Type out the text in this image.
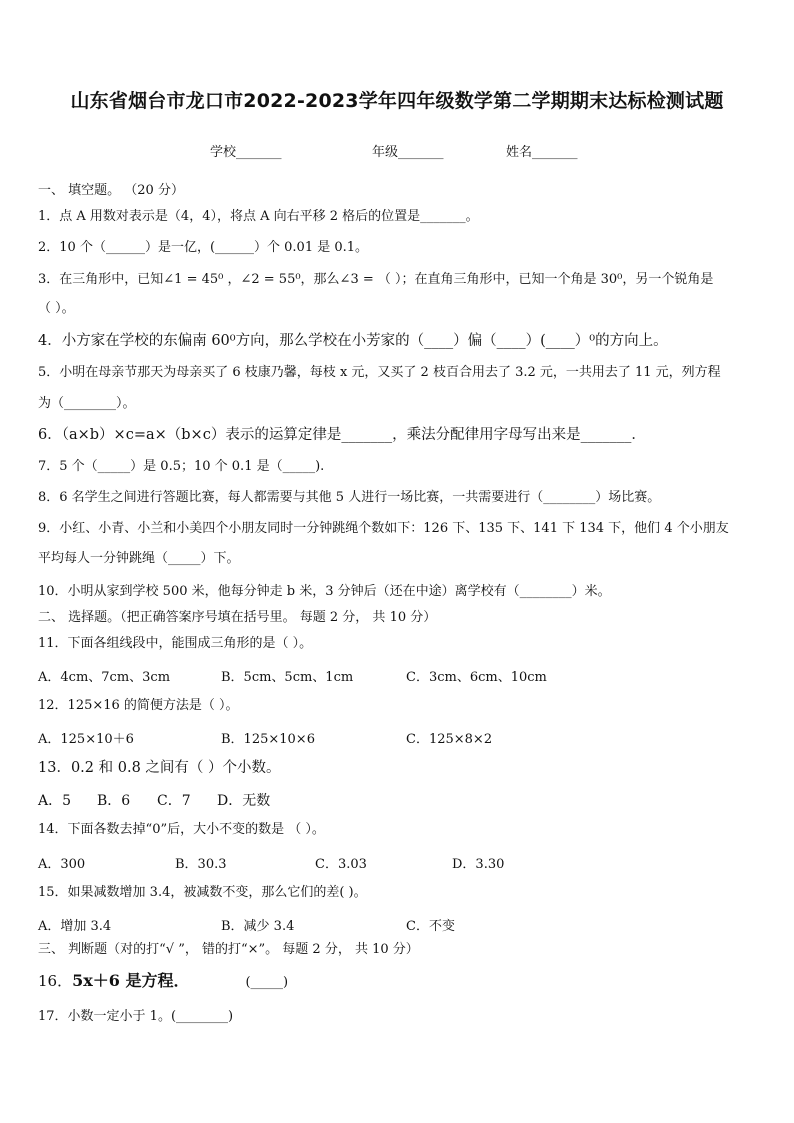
山东省烟台市龙口市2022-2023学年四年级数学第二学期期末达标检测试题
学校_______	年级_______	姓名_______
一、 填空题。 （20 分）
1．点 A 用数对表示是（4，4），将点 A 向右平移 2 格后的位置是_______。
2．10 个（______）是一亿，(______）个 0.01 是 0.1。
3．在三角形中，已知∠1 = 45⁰ ，∠2 = 55⁰，那么∠3 = （ ）；在直角三角形中，已知一个角是 30⁰，另一个锐角是
（ ）。
4．小方家在学校的东偏南 60⁰方向，那么学校在小芳家的（____）偏（____）(____）⁰的方向上。
5．小明在母亲节那天为母亲买了 6 枝康乃馨，每枝 x 元，又买了 2 枝百合用去了 3.2 元，一共用去了 11 元，列方程
为（________）。
6．（a×b）×c=a×（b×c）表示的运算定律是_______，乘法分配律用字母写出来是_______．
7．5 个（_____）是 0.5；10 个 0.1 是（_____).
8．6 名学生之间进行答题比赛，每人都需要与其他 5 人进行一场比赛，一共需要进行（________）场比赛。
9．小红、小青、小兰和小美四个小朋友同时一分钟跳绳个数如下：126 下、135 下、141 下 134 下，他们 4 个小朋友
平均每人一分钟跳绳（_____）下。
10．小明从家到学校 500 米，他每分钟走 b 米，3 分钟后（还在中途）离学校有（________）米。
二、 选择题。（把正确答案序号填在括号里。 每题 2 分， 共 10 分）
11．下面各组线段中，能围成三角形的是（ ）。
A．4cm、7cm、3cm	B．5cm、5cm、1cm	C．3cm、6cm、10cm
12．125×16 的简便方法是（ ）。
A．125×10＋6	B．125×10×6	C．125×8×2
13．0.2 和 0.8 之间有（ ）个小数。
A．5 B．6 C．7 D．无数
14．下面各数去掉“0”后，大小不变的数是 （ ）。
A．300	B．30.3	C．3.03	D．3.30
15．如果减数增加 3.4，被减数不变，那么它们的差( )。
A．增加 3.4	B．减少 3.4	C．不变
三、 判断题（对的打“√ ”， 错的打“×”。 每题 2 分， 共 10 分）
16．5x＋6 是方程．	(_____)
17．小数一定小于 1。(________)
